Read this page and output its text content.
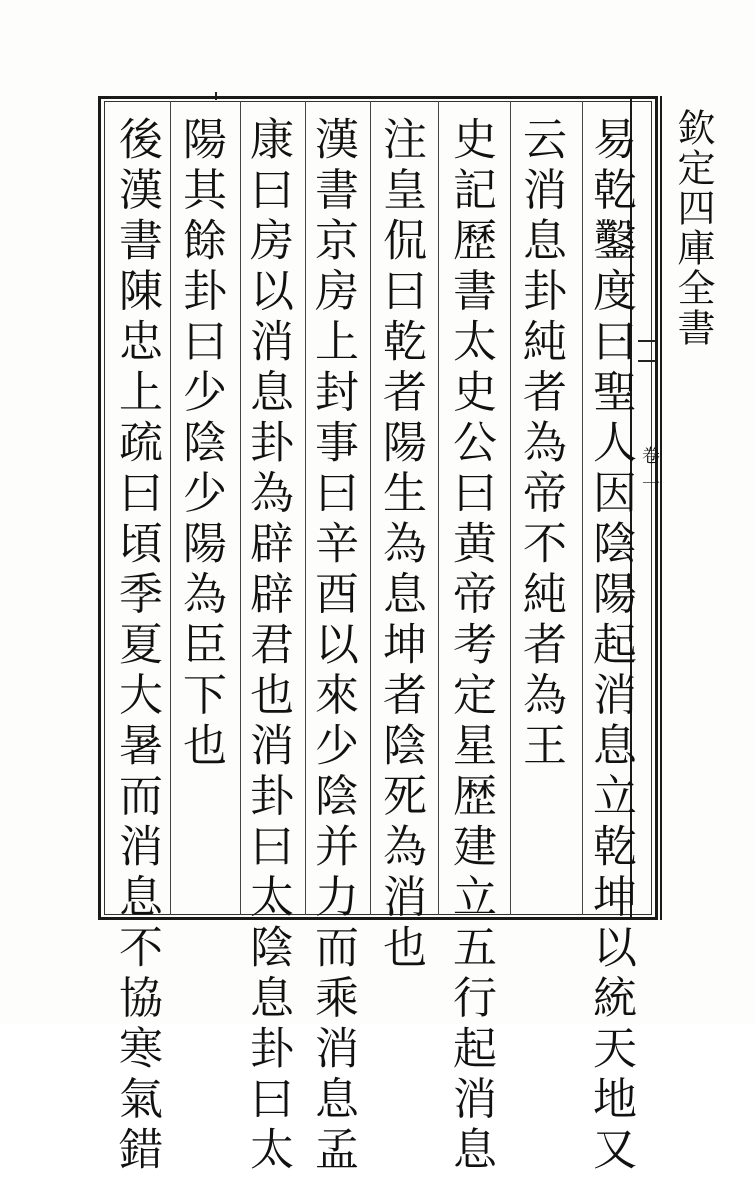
欽定四庫全書
卷一
易乾鑿度曰聖人因陰陽起消息立乾坤以統天地又
云消息卦純者為帝不純者為王
史記歷書太史公曰黄帝考定星歴建立五行起消息
注皇侃曰乾者陽生為息坤者陰死為消也
漢書京房上封事曰辛酉以來少陰并力而乘消息孟
康曰房以消息卦為辟辟君也消卦曰太陰息卦曰太
陽其餘卦曰少陰少陽為臣下也
後漢書陳忠上疏曰頃季夏大暑而消息不協寒氣錯
